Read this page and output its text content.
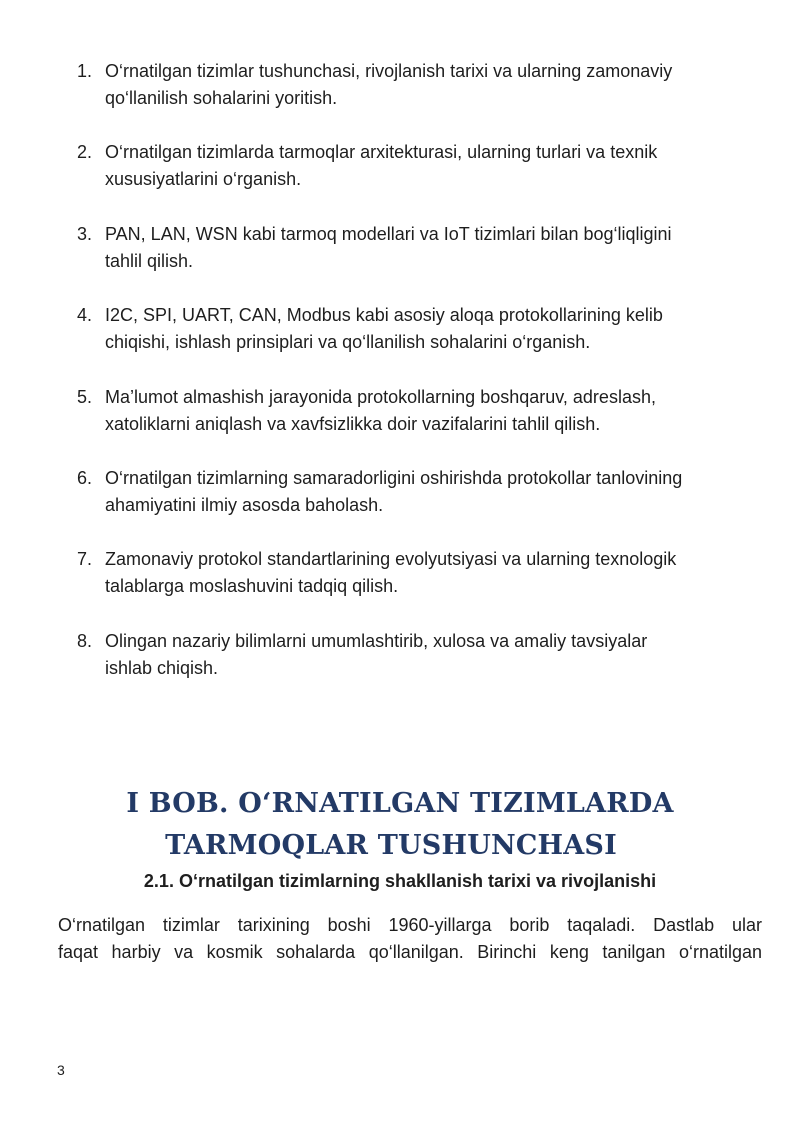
1. O‘rnatilgan tizimlar tushunchasi, rivojlanish tarixi va ularning zamonaviy
qo‘llanilish sohalarini yoritish.
2. O‘rnatilgan tizimlarda tarmoqlar arxitekturasi, ularning turlari va texnik
xususiyatlarini o‘rganish.
3. PAN, LAN, WSN kabi tarmoq modellari va IoT tizimlari bilan bog‘liqligini
tahlil qilish.
4. I2C, SPI, UART, CAN, Modbus kabi asosiy aloqa protokollarining kelib
chiqishi, ishlash prinsiplari va qo‘llanilish sohalarini o‘rganish.
5. Ma’lumot almashish jarayonida protokollarning boshqaruv, adreslash,
xatoliklarni aniqlash va xavfsizlikka doir vazifalarini tahlil qilish.
6. O‘rnatilgan tizimlarning samaradorligini oshirishda protokollar tanlovining
ahamiyatini ilmiy asosda baholash.
7. Zamonaviy protokol standartlarining evolyutsiyasi va ularning texnologik
talablarga moslashuvini tadqiq qilish.
8. Olingan nazariy bilimlarni umumlashtirib, xulosa va amaliy tavsiyalar
ishlab chiqish.
I BOB. O‘RNATILGAN TIZIMLARDA
TARMOQLAR TUSHUNCHASI
2.1. O‘rnatilgan tizimlarning shakllanish tarixi va rivojlanishi

O‘rnatilgan tizimlar tarixining boshi 1960-yillarga borib taqaladi. Dastlab ular
faqat harbiy va kosmik sohalarda qo‘llanilgan. Birinchi keng tanilgan o‘rnatilgan

3
